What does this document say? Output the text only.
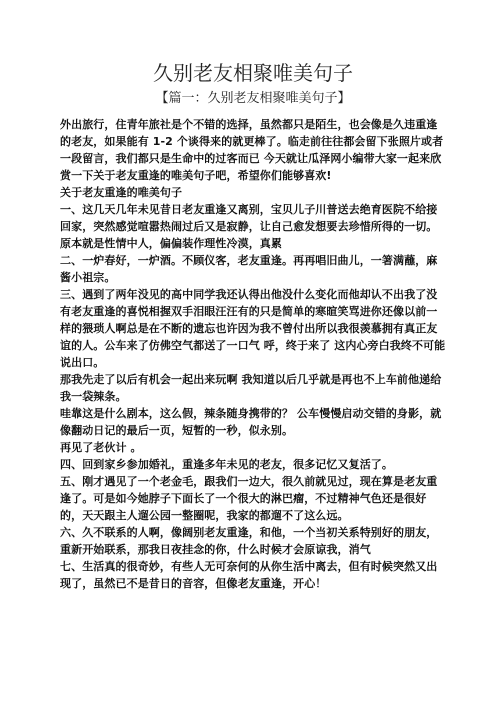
久别老友相聚唯美句子
【篇一：久别老友相聚唯美句子】

外出旅行，住青年旅社是个不错的选择，虽然都只是陌生，也会像是久违重逢的老友，如果能有 1-2 个谈得来的就更棒了。临走前往往都会留下张照片或者一段留言，我们都只是生命中的过客而已 今天就让瓜泽网小编带大家一起来欣赏一下关于老友重逢的唯美句子吧，希望你们能够喜欢!

关于老友重逢的唯美句子

一、这几天几年未见昔日老友重逢又离别，宝贝儿子川普送去绝育医院不给接回家，突然感觉喧嚣热闹过后又是寂静，让自己愈发想要去珍惜所得的一切。原本就是性情中人，偏偏装作理性冷漠，真累

二、一炉春好，一炉酒。不顾仪客，老友重逢。再再唱旧曲儿，一箸满蘸，麻酱小祖宗。

三、遇到了两年没见的高中同学我还认得出他没什么变化而他却认不出我了没有老友重逢的喜悦相握双手泪眼汪汪有的只是简单的寒暄笑骂进你还像以前一样的猥琐人啊总是在不断的遗忘也许因为我不曾付出所以我很羡慕拥有真正友谊的人。公车来了仿佛空气都送了一口气 呼，终于来了 这内心旁白我终不可能说出口。

那我先走了以后有机会一起出来玩啊 我知道以后几乎就是再也不上车前他递给我一袋辣条。

哇靠这是什么剧本，这么假，辣条随身携带的？ 公车慢慢启动交错的身影，就像翻动日记的最后一页，短暂的一秒，似永别。

再见了老伙计 。

四、回到家乡参加婚礼，重逢多年未见的老友，很多记忆又复活了。

五、刚才遇见了一个老金毛，跟我们一边大，很久前就见过，现在算是老友重逢了。可是如今她脖子下面长了一个很大的淋巴瘤，不过精神气色还是很好的，天天跟主人遛公园一整圈呢，我家的都遛不了这么远。

六、久不联系的人啊，像阔别老友重逢，和他，一个当初关系特别好的朋友，重新开始联系，那我日夜挂念的你，什么时候才会原谅我，消气

七、生活真的很奇妙，有些人无可奈何的从你生活中离去，但有时候突然又出现了，虽然已不是昔日的音容，但像老友重逢，开心！
